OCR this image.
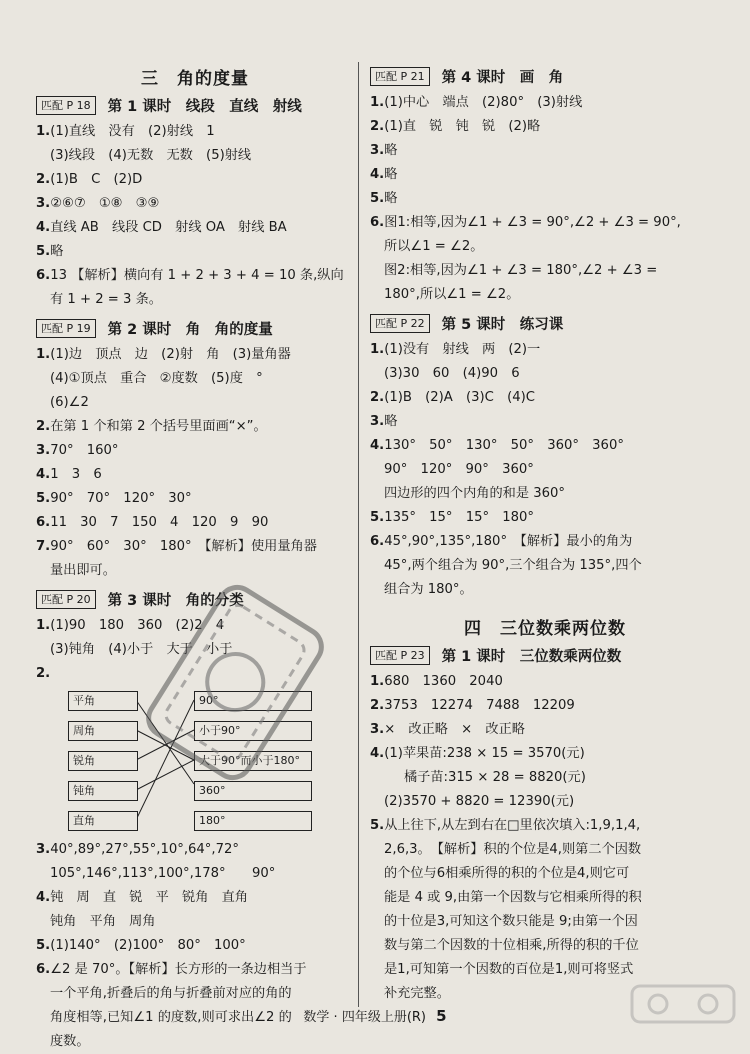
三　角的度量
匹配 P 18	第 1 课时　线段　直线　射线
1.(1)直线　没有　(2)射线　1
(3)线段　(4)无数　无数　(5)射线
2.(1)B　C　(2)D
3.②⑥⑦　①⑧　③⑨
4.直线 AB　线段 CD　射线 OA　射线 BA
5.略
6.13 【解析】横向有 1 + 2 + 3 + 4 = 10 条,纵向
有 1 + 2 = 3 条。
匹配 P 19	第 2 课时　角　角的度量
1.(1)边　顶点　边　(2)射　角　(3)量角器
(4)①顶点　重合　②度数　(5)度　°
(6)∠2
2.在第 1 个和第 2 个括号里面画“×”。
3.70°　160°
4.1　3　6
5.90°　70°　120°　30°
6.11　30　7　150　4　120　9　90
7.90°　60°　30°　180°　【解析】使用量角器
量出即可。
匹配 P 20	第 3 课时　角的分类
1.(1)90　180　360　(2)2　4
(3)钝角　(4)小于　大于　小于
2.
平角
周角
锐角
钝角
直角
90°
小于90°
大于90°而小于180°
360°
180°
3.40°,89°,27°,55°,10°,64°,72°
105°,146°,113°,100°,178°　　90°
4.钝　周　直　锐　平　锐角　直角
钝角　平角　周角
5.(1)140°　(2)100°　80°　100°
6.∠2 是 70°。【解析】长方形的一条边相当于
一个平角,折叠后的角与折叠前对应的角的
角度相等,已知∠1 的度数,则可求出∠2 的
度数。
匹配 P 21	第 4 课时　画　角
1.(1)中心　端点　(2)80°　(3)射线
2.(1)直　锐　钝　锐　(2)略
3.略
4.略
5.略
6.图1:相等,因为∠1 + ∠3 = 90°,∠2 + ∠3 = 90°,
所以∠1 = ∠2。
图2:相等,因为∠1 + ∠3 = 180°,∠2 + ∠3 =
180°,所以∠1 = ∠2。
匹配 P 22	第 5 课时　练习课
1.(1)没有　射线　两　(2)一
(3)30　60　(4)90　6
2.(1)B　(2)A　(3)C　(4)C
3.略
4.130°　50°　130°　50°　360°　360°
90°　120°　90°　360°
四边形的四个内角的和是 360°
5.135°　15°　15°　180°
6.45°,90°,135°,180°　【解析】最小的角为
45°,两个组合为 90°,三个组合为 135°,四个
组合为 180°。
四　三位数乘两位数
匹配 P 23	第 1 课时　三位数乘两位数
1.680　1360　2040
2.3753　12274　7488　12209
3.×　改正略　×　改正略
4.(1)苹果苗:238 × 15 = 3570(元)
橘子苗:315 × 28 = 8820(元)
(2)3570 + 8820 = 12390(元)
5.从上往下,从左到右在□里依次填入:1,9,1,4,
2,6,3。　【解析】积的个位是4,则第二个因数
的个位与6相乘所得的积的个位是4,则它可
能是 4 或 9,由第一个因数与它相乘所得的积
的十位是3,可知这个数只能是 9;由第一个因
数与第二个因数的十位相乘,所得的积的千位
是1,可知第一个因数的百位是1,则可将竖式
补充完整。
数学 · 四年级上册(R) 5
